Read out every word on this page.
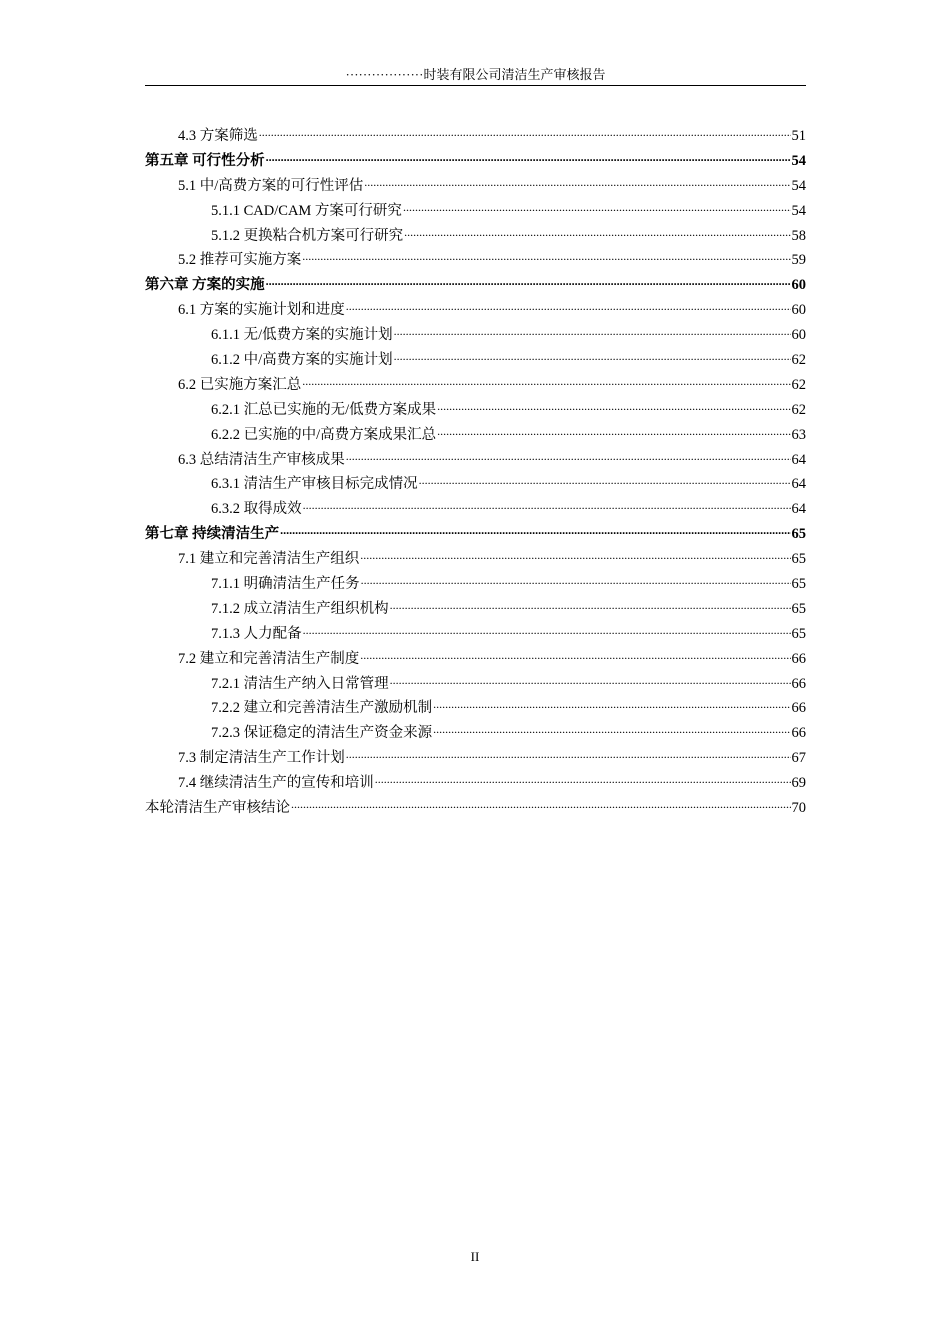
··················时装有限公司清洁生产审核报告
4.3 方案筛选 .....	51
第五章 可行性分析 .....	54
5.1 中/高费方案的可行性评估 .....	54
5.1.1 CAD/CAM 方案可行研究 .....	54
5.1.2 更换粘合机方案可行研究 .....	58
5.2 推荐可实施方案 .....	59
第六章 方案的实施 .....	60
6.1 方案的实施计划和进度 .....	60
6.1.1 无/低费方案的实施计划 .....	60
6.1.2 中/高费方案的实施计划 .....	62
6.2 已实施方案汇总 .....	62
6.2.1 汇总已实施的无/低费方案成果 .....	62
6.2.2 已实施的中/高费方案成果汇总 .....	63
6.3 总结清洁生产审核成果 .....	64
6.3.1 清洁生产审核目标完成情况 .....	64
6.3.2 取得成效 .....	64
第七章 持续清洁生产 .....	65
7.1 建立和完善清洁生产组织 .....	65
7.1.1 明确清洁生产任务 .....	65
7.1.2 成立清洁生产组织机构 .....	65
7.1.3 人力配备 .....	65
7.2 建立和完善清洁生产制度 .....	66
7.2.1 清洁生产纳入日常管理 .....	66
7.2.2 建立和完善清洁生产激励机制 .....	66
7.2.3 保证稳定的清洁生产资金来源 .....	66
7.3 制定清洁生产工作计划 .....	67
7.4 继续清洁生产的宣传和培训 .....	69
本轮清洁生产审核结论 .....	70
II
